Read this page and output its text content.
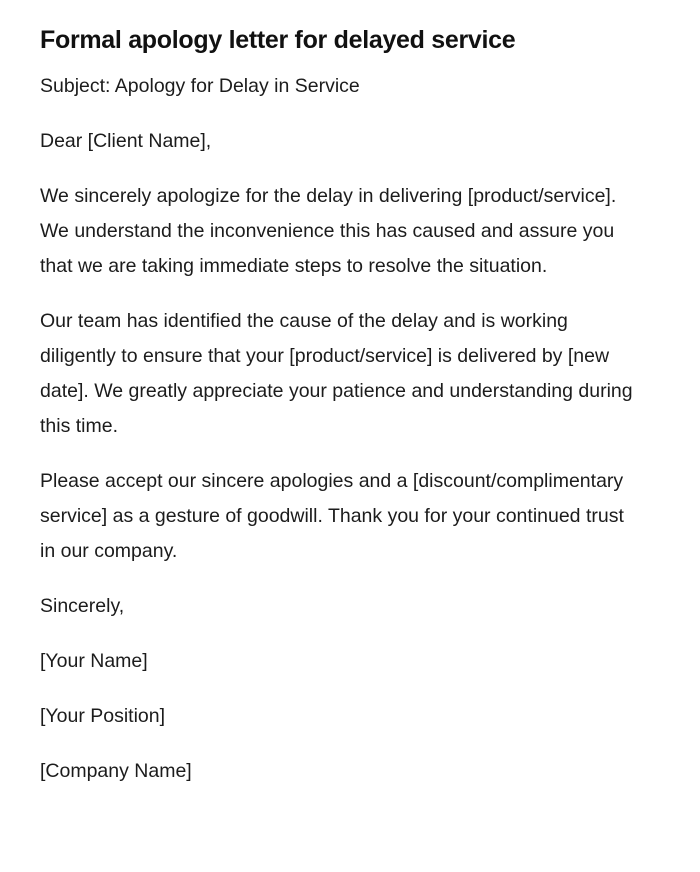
Formal apology letter for delayed service

Subject: Apology for Delay in Service

Dear [Client Name],

We sincerely apologize for the delay in delivering [product/service]. We understand the inconvenience this has caused and assure you that we are taking immediate steps to resolve the situation.

Our team has identified the cause of the delay and is working diligently to ensure that your [product/service] is delivered by [new date]. We greatly appreciate your patience and understanding during this time.

Please accept our sincere apologies and a [discount/complimentary service] as a gesture of goodwill. Thank you for your continued trust in our company.

Sincerely,

[Your Name]

[Your Position]

[Company Name]
